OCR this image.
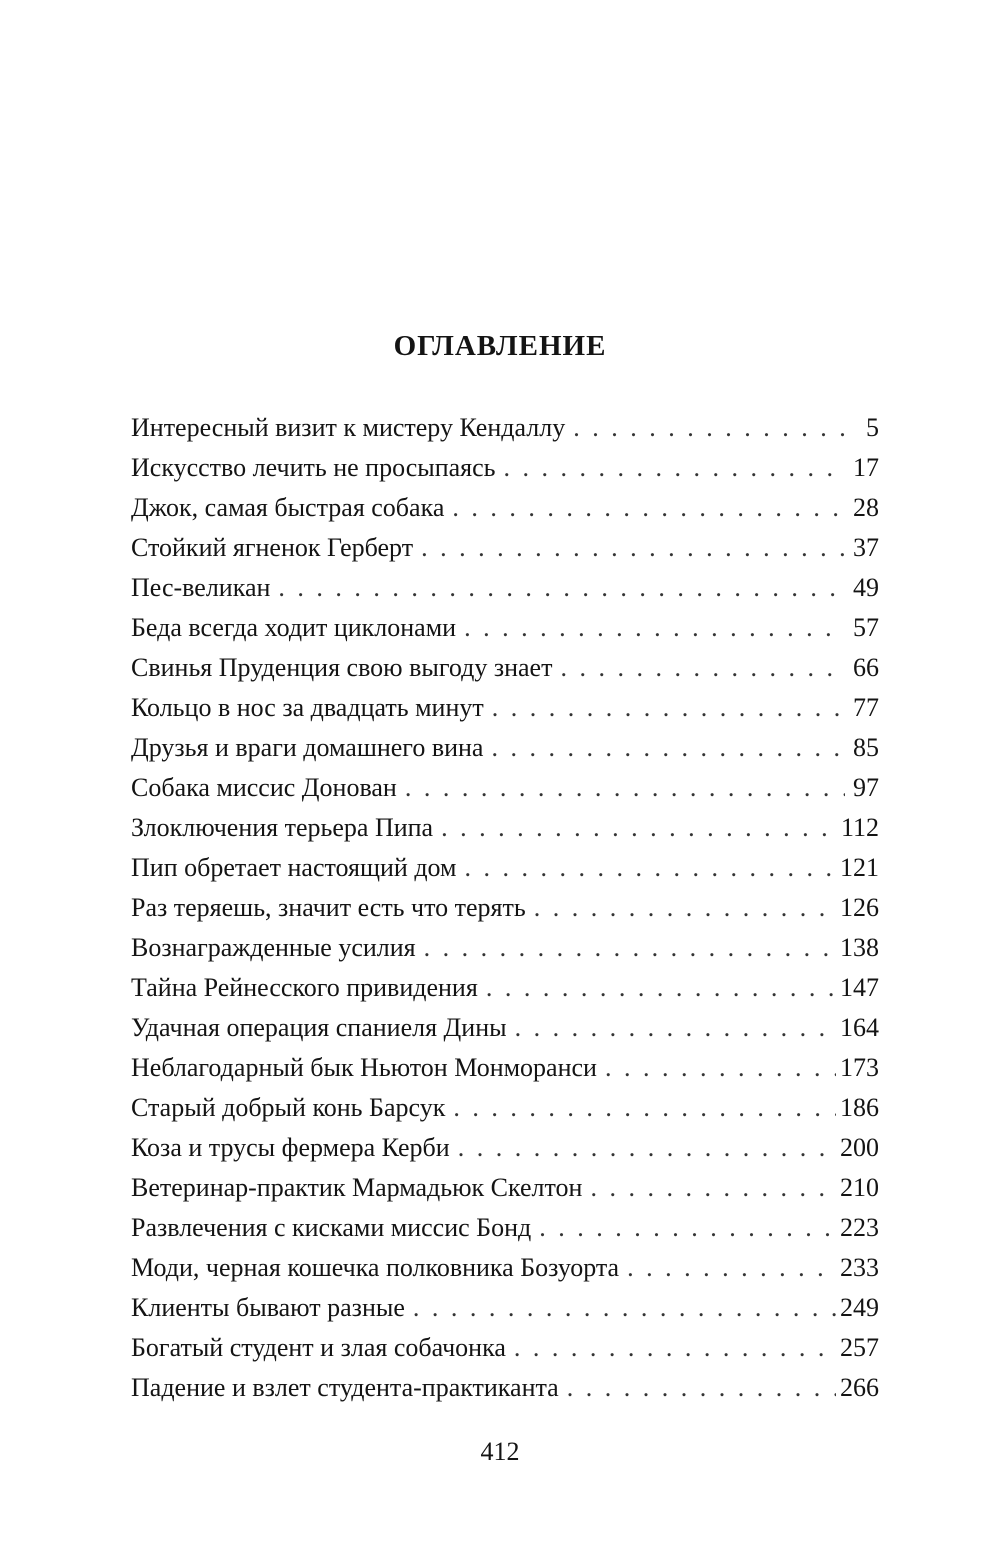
ОГЛАВЛЕНИЕ
Интересный визит к мистеру Кендаллу . . .	5
Искусство лечить не просыпаясь . . .	17
Джок, самая быстрая собака . . .	28
Стойкий ягненок Герберт . . .	37
Пес-великан . . .	49
Беда всегда ходит циклонами . . .	57
Свинья Пруденция свою выгоду знает . . .	66
Кольцо в нос за двадцать минут . . .	77
Друзья и враги домашнего вина . . .	85
Собака миссис Донован . . .	97
Злоключения терьера Пипа . . .	112
Пип обретает настоящий дом . . .	121
Раз теряешь, значит есть что терять . . .	126
Вознагражденные усилия . . .	138
Тайна Рейнесского привидения . . .	147
Удачная операция спаниеля Дины . . .	164
Неблагодарный бык Ньютон Монморанси . . .	173
Старый добрый конь Барсук . . .	186
Коза и трусы фермера Керби . . .	200
Ветеринар-практик Мармадьюк Скелтон . . .	210
Развлечения с кисками миссис Бонд . . .	223
Моди, черная кошечка полковника Бозуорта . . .	233
Клиенты бывают разные . . .	249
Богатый студент и злая собачонка . . .	257
Падение и взлет студента-практиканта . . .	266
412
